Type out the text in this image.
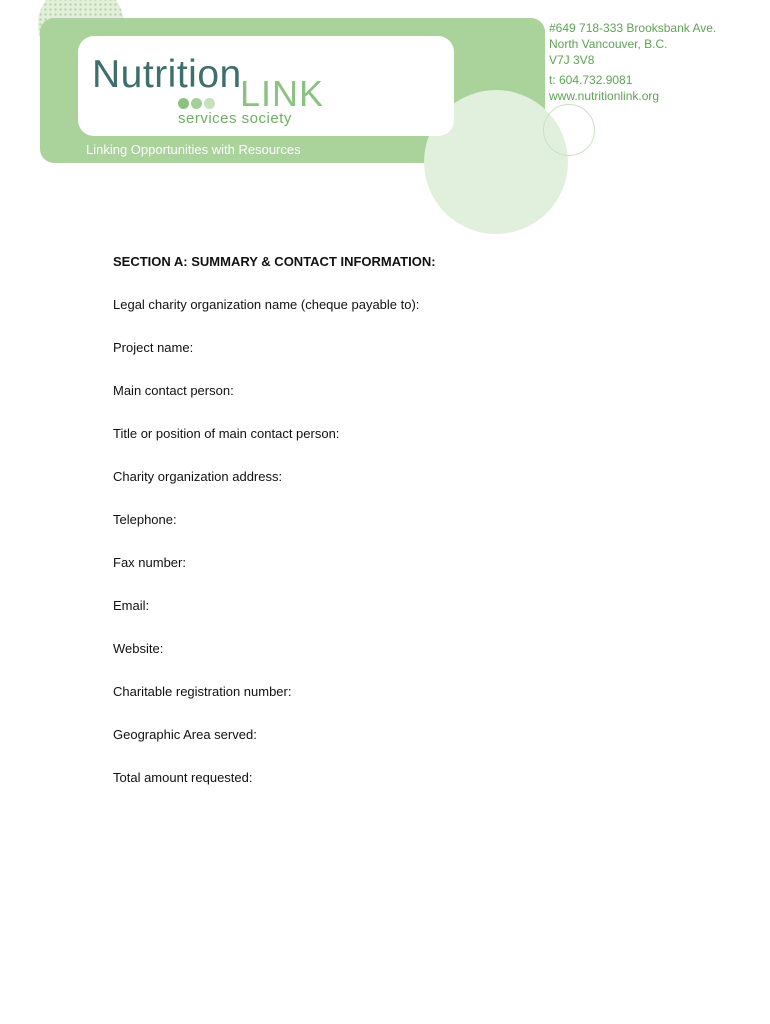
Nutrition
LINK
services society
Linking Opportunities with Resources
#649 718-333 Brooksbank Ave.
North Vancouver, B.C.
V7J 3V8
t: 604.732.9081
www.nutritionlink.org
SECTION A: SUMMARY & CONTACT INFORMATION:
Legal charity organization name (cheque payable to):
Project name:
Main contact person:
Title or position of main contact person:
Charity organization address:
Telephone:
Fax number:
Email:
Website:
Charitable registration number:
Geographic Area served:
Total amount requested:
